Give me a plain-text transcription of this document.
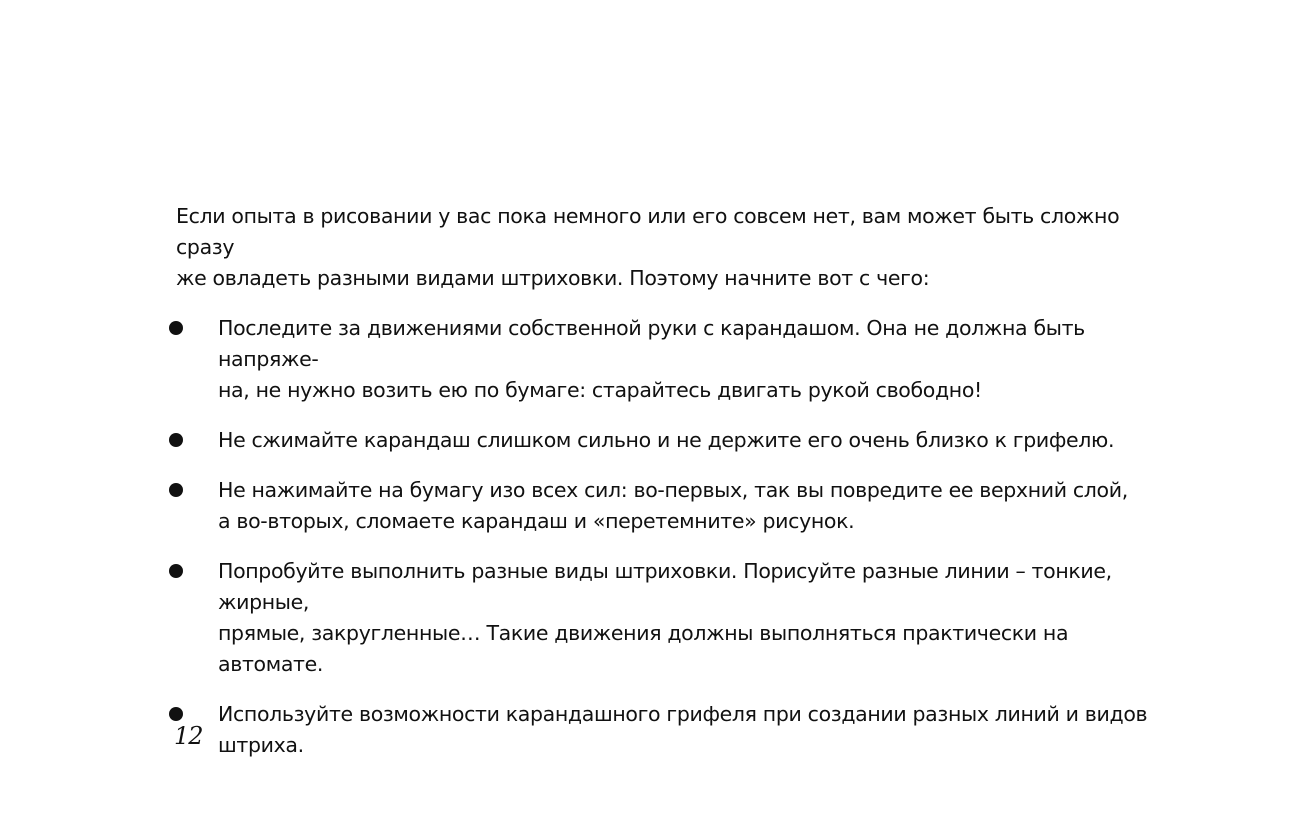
Если опыта в рисовании у вас пока немного или его совсем нет, вам может быть сложно сразу
же овладеть разными видами штриховки. Поэтому начните вот с чего:

Последите за движениями собственной руки с карандашом. Она не должна быть напряже-
на, не нужно возить ею по бумаге: старайтесь двигать рукой свободно!
Не сжимайте карандаш слишком сильно и не держите его очень близко к грифелю.
Не нажимайте на бумагу изо всех сил: во-первых, так вы повредите ее верхний слой,
а во-вторых, сломаете карандаш и «перетемните» рисунок.
Попробуйте выполнить разные виды штриховки. Порисуйте разные линии – тонкие, жирные,
прямые, закругленные… Такие движения должны выполняться практически на автомате.
Используйте возможности карандашного грифеля при создании разных линий и видов
штриха.
12
